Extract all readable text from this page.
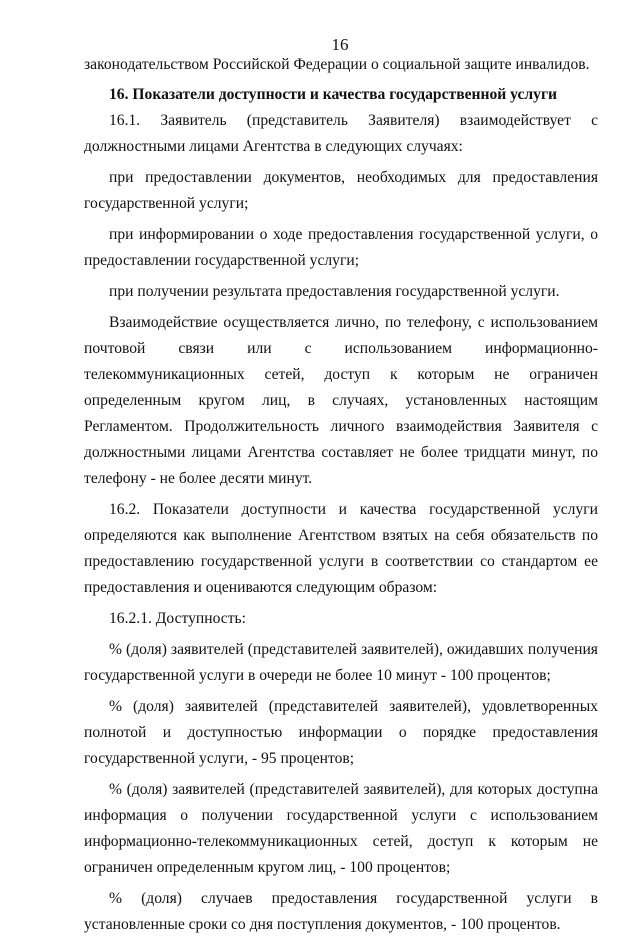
16

законодательством Российской Федерации о социальной защите инвалидов.

16. Показатели доступности и качества государственной услуги

16.1. Заявитель (представитель Заявителя) взаимодействует с должностными лицами Агентства в следующих случаях:

при предоставлении документов, необходимых для предоставления государственной услуги;

при информировании о ходе предоставления государственной услуги, о предоставлении государственной услуги;

при получении результата предоставления государственной услуги.

Взаимодействие осуществляется лично, по телефону, с использованием почтовой связи или с использованием информационно-телекоммуникационных сетей, доступ к которым не ограничен определенным кругом лиц, в случаях, установленных настоящим Регламентом. Продолжительность личного взаимодействия Заявителя с должностными лицами Агентства составляет не более тридцати минут, по телефону - не более десяти минут.

16.2. Показатели доступности и качества государственной услуги определяются как выполнение Агентством взятых на себя обязательств по предоставлению государственной услуги в соответствии со стандартом ее предоставления и оцениваются следующим образом:

16.2.1. Доступность:

% (доля) заявителей (представителей заявителей), ожидавших получения государственной услуги в очереди не более 10 минут - 100 процентов;

% (доля) заявителей (представителей заявителей), удовлетворенных полнотой и доступностью информации о порядке предоставления государственной услуги, - 95 процентов;

% (доля) заявителей (представителей заявителей), для которых доступна информация о получении государственной услуги с использованием информационно-телекоммуникационных сетей, доступ к которым не ограничен определенным кругом лиц, - 100 процентов;

% (доля) случаев предоставления государственной услуги в установленные сроки со дня поступления документов, - 100 процентов.
